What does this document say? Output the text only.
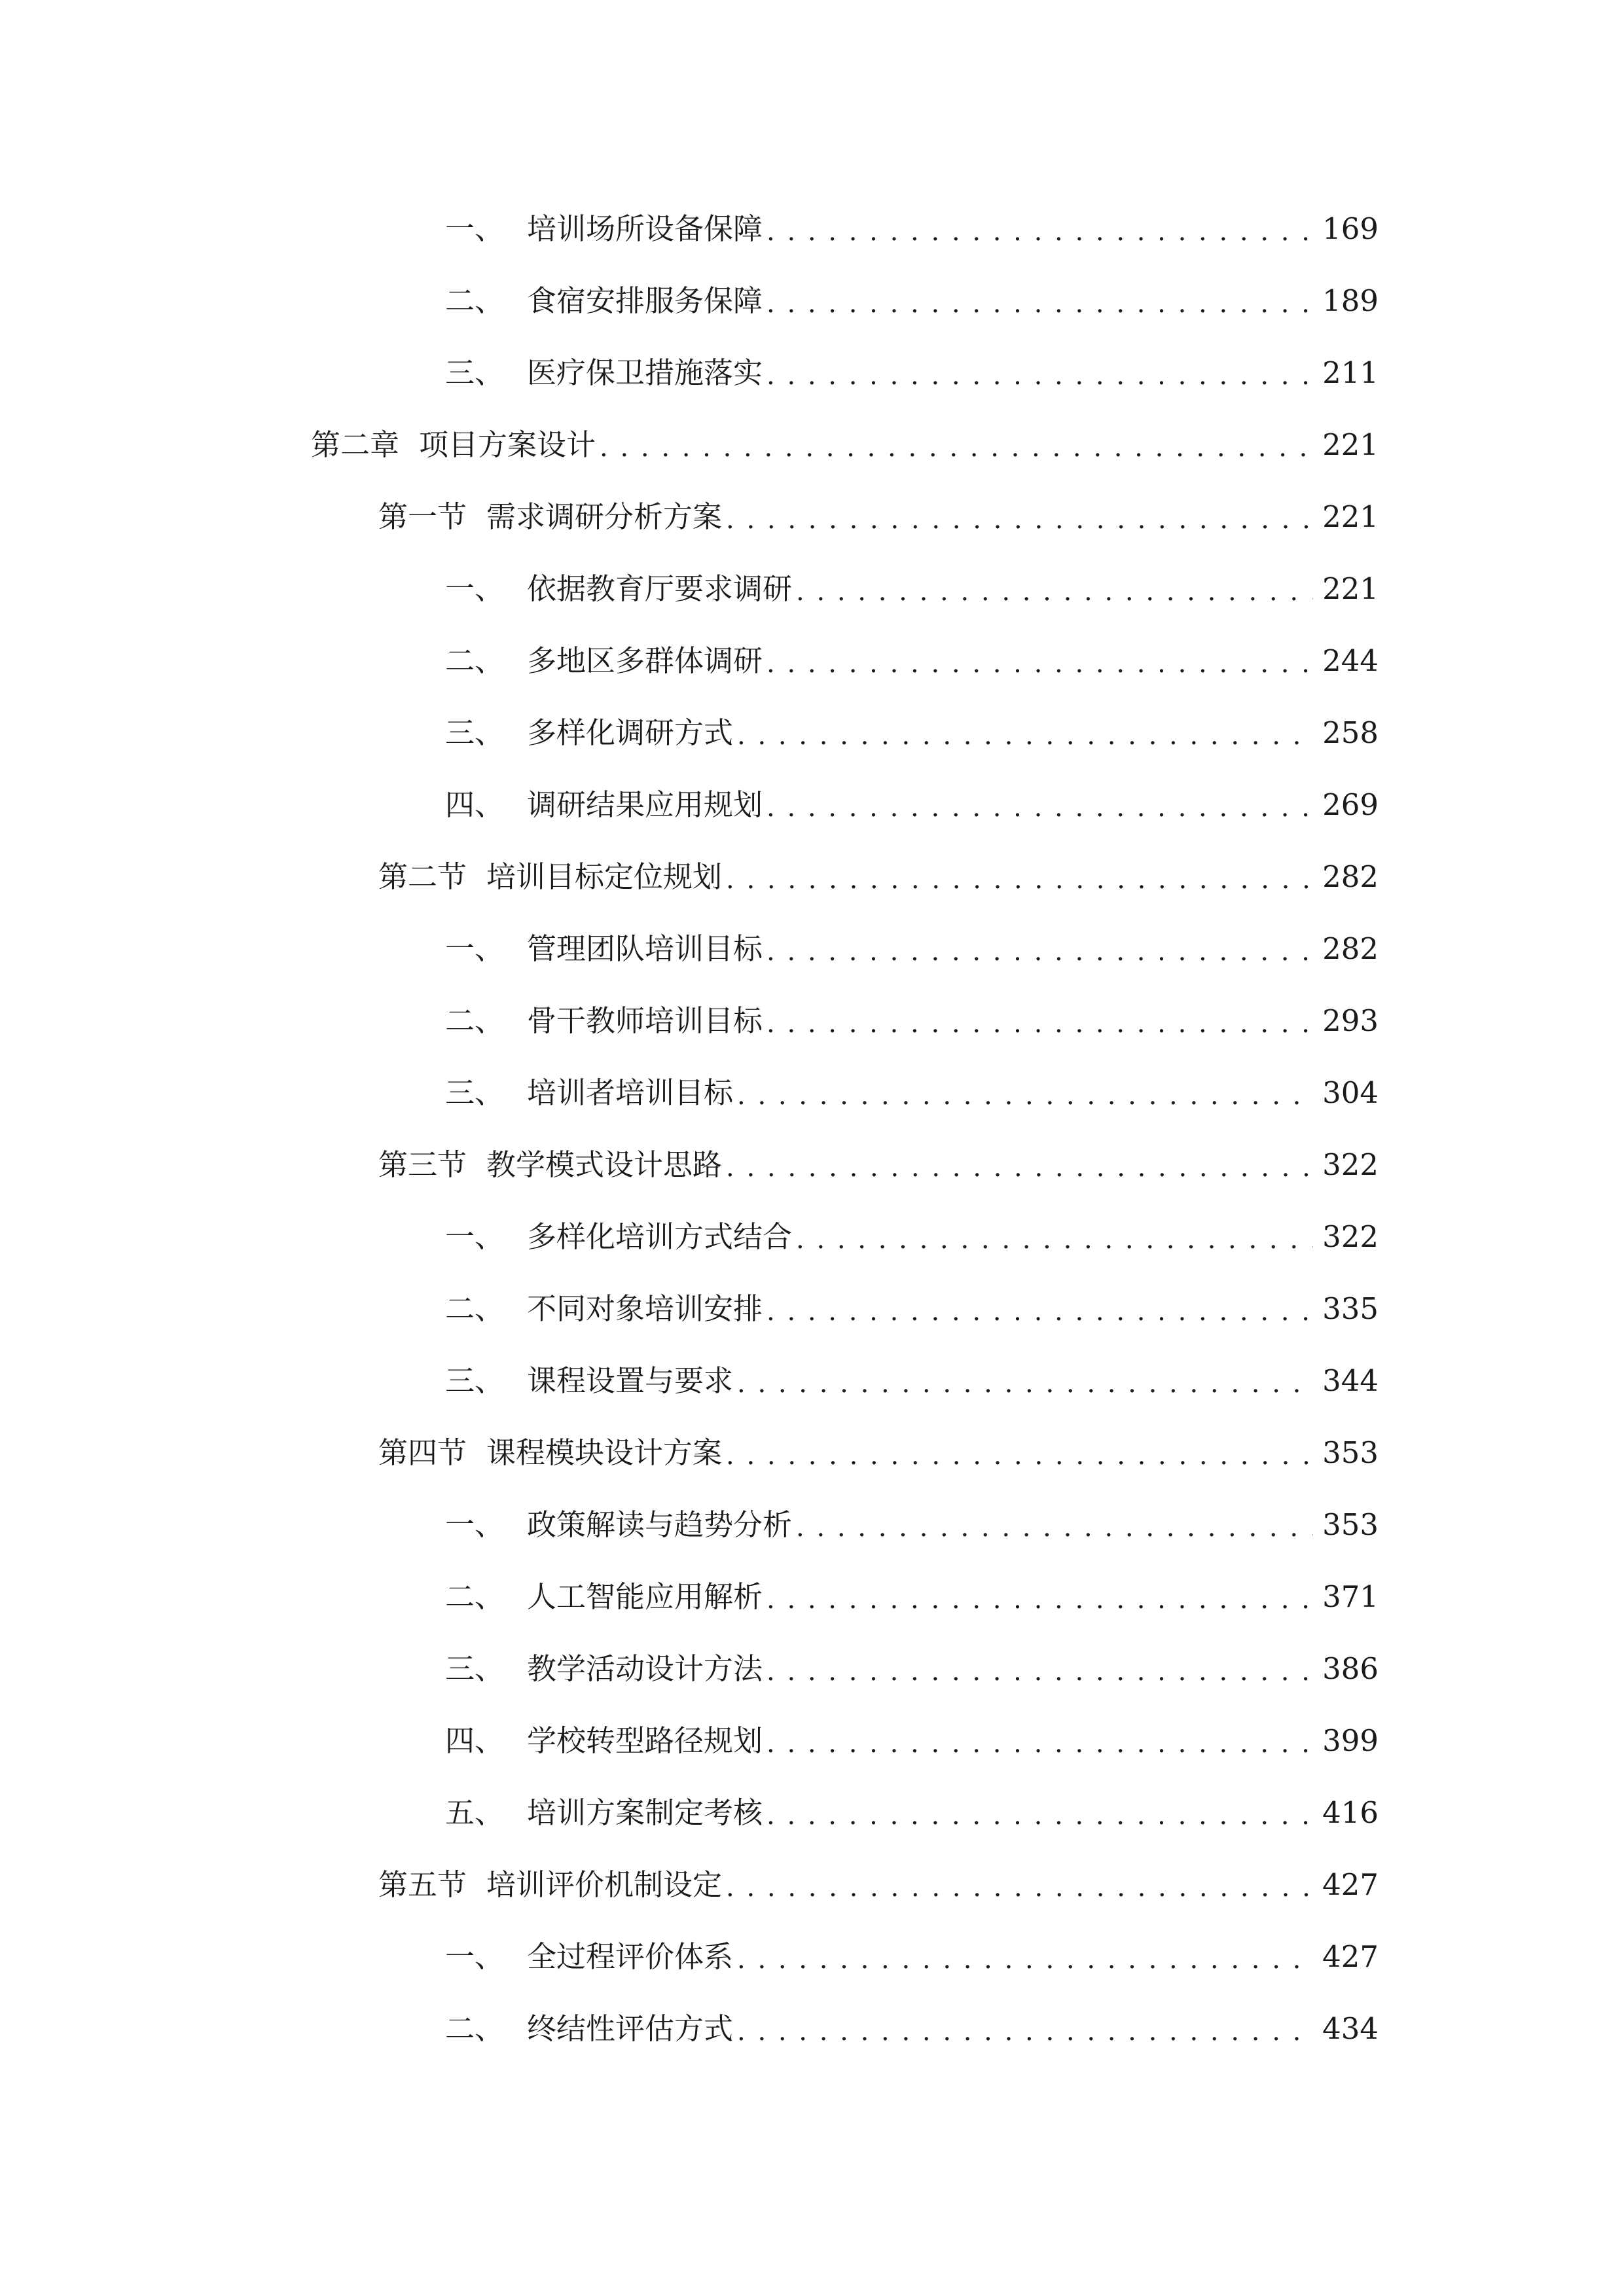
一、 培训场所设备保障 . . .	169
二、 食宿安排服务保障 . . .	189
三、 医疗保卫措施落实 . . .	211
第二章 项目方案设计 . . .	221
第一节 需求调研分析方案 . . .	221
一、 依据教育厅要求调研 . . .	221
二、 多地区多群体调研 . . .	244
三、 多样化调研方式 . . .	258
四、 调研结果应用规划 . . .	269
第二节 培训目标定位规划 . . .	282
一、 管理团队培训目标 . . .	282
二、 骨干教师培训目标 . . .	293
三、 培训者培训目标 . . .	304
第三节 教学模式设计思路 . . .	322
一、 多样化培训方式结合 . . .	322
二、 不同对象培训安排 . . .	335
三、 课程设置与要求 . . .	344
第四节 课程模块设计方案 . . .	353
一、 政策解读与趋势分析 . . .	353
二、 人工智能应用解析 . . .	371
三、 教学活动设计方法 . . .	386
四、 学校转型路径规划 . . .	399
五、 培训方案制定考核 . . .	416
第五节 培训评价机制设定 . . .	427
一、 全过程评价体系 . . .	427
二、 终结性评估方式 . . .	434
